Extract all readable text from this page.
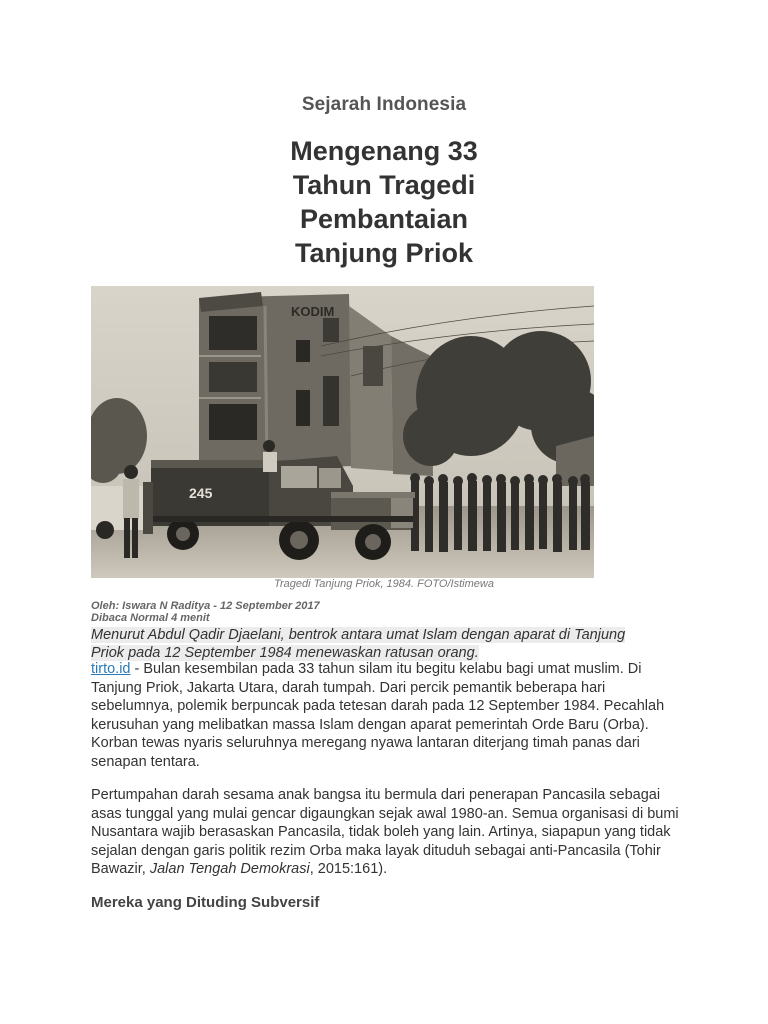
Sejarah Indonesia
Mengenang 33
Tahun Tragedi
Pembantaian
Tanjung Priok
KODIM
245
Tragedi Tanjung Priok, 1984. FOTO/Istimewa
Oleh: Iswara N Raditya - 12 September 2017
Dibaca Normal 4 menit
Menurut Abdul Qadir Djaelani, bentrok antara umat Islam dengan aparat di Tanjung Priok pada 12 September 1984 menewaskan ratusan orang.

tirto.id - Bulan kesembilan pada 33 tahun silam itu begitu kelabu bagi umat muslim. Di Tanjung Priok, Jakarta Utara, darah tumpah. Dari percik pemantik beberapa hari sebelumnya, polemik berpuncak pada tetesan darah pada 12 September 1984. Pecahlah kerusuhan yang melibatkan massa Islam dengan aparat pemerintah Orde Baru (Orba). Korban tewas nyaris seluruhnya meregang nyawa lantaran diterjang timah panas dari senapan tentara.

Pertumpahan darah sesama anak bangsa itu bermula dari penerapan Pancasila sebagai asas tunggal yang mulai gencar digaungkan sejak awal 1980-an. Semua organisasi di bumi Nusantara wajib berasaskan Pancasila, tidak boleh yang lain. Artinya, siapapun yang tidak sejalan dengan garis politik rezim Orba maka layak dituduh sebagai anti-Pancasila (Tohir Bawazir, Jalan Tengah Demokrasi, 2015:161).

Mereka yang Dituding Subversif
